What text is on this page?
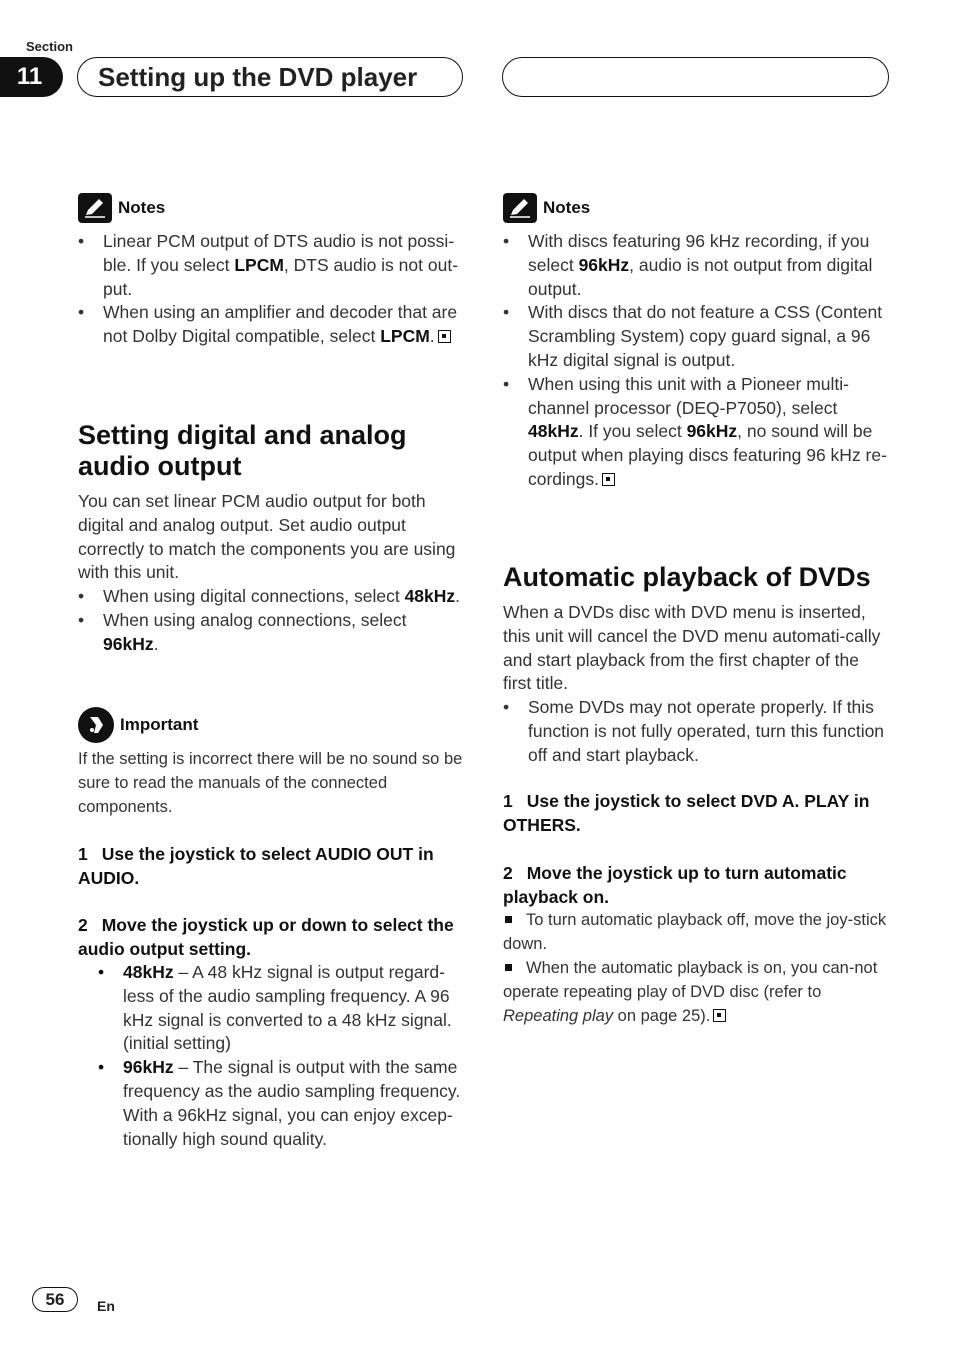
Section
11	Setting up the DVD player
Notes
• Linear PCM output of DTS audio is not possi-ble. If you select LPCM, DTS audio is not out-put.
• When using an amplifier and decoder that are not Dolby Digital compatible, select LPCM.
Setting digital and analog audio output
You can set linear PCM audio output for both digital and analog output. Set audio output correctly to match the components you are using with this unit.
• When using digital connections, select 48kHz.
• When using analog connections, select 96kHz.
Important
If the setting is incorrect there will be no sound so be sure to read the manuals of the connected components.
1 Use the joystick to select AUDIO OUT in AUDIO.
2 Move the joystick up or down to select the audio output setting.
• 48kHz – A 48 kHz signal is output regard-less of the audio sampling frequency. A 96 kHz signal is converted to a 48 kHz signal. (initial setting)
• 96kHz – The signal is output with the same frequency as the audio sampling frequency. With a 96kHz signal, you can enjoy excep-tionally high sound quality.
Notes
• With discs featuring 96 kHz recording, if you select 96kHz, audio is not output from digital output.
• With discs that do not feature a CSS (Content Scrambling System) copy guard signal, a 96 kHz digital signal is output.
• When using this unit with a Pioneer multi-channel processor (DEQ-P7050), select 48kHz. If you select 96kHz, no sound will be output when playing discs featuring 96 kHz re-cordings.
Automatic playback of DVDs
When a DVDs disc with DVD menu is inserted, this unit will cancel the DVD menu automati-cally and start playback from the first chapter of the first title.
• Some DVDs may not operate properly. If this function is not fully operated, turn this function off and start playback.
1 Use the joystick to select DVD A. PLAY in OTHERS.
2 Move the joystick up to turn automatic playback on.
To turn automatic playback off, move the joy-stick down.
When the automatic playback is on, you can-not operate repeating play of DVD disc (refer to Repeating play on page 25).
56	En
